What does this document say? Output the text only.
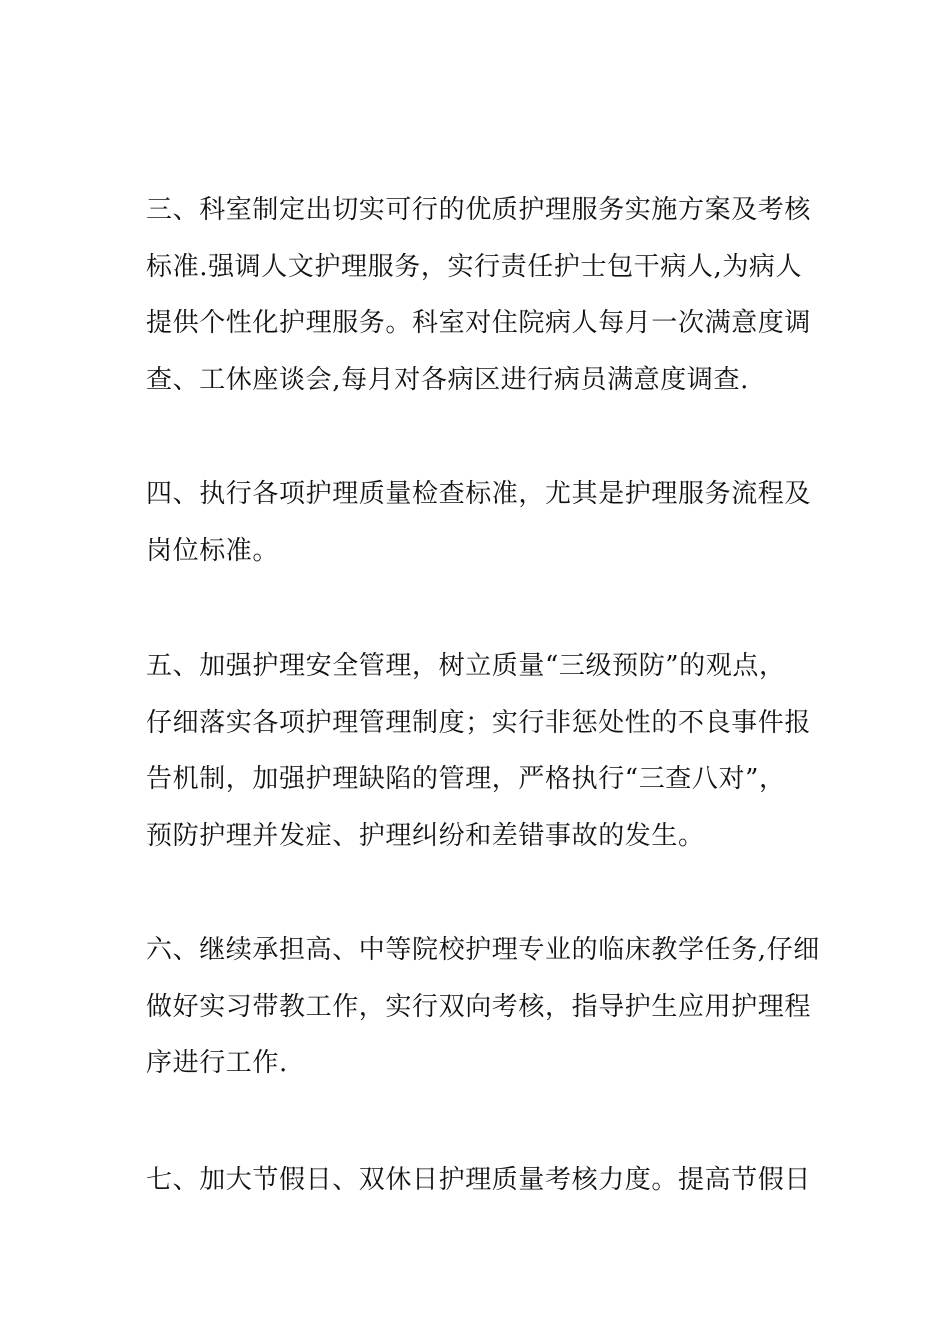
三、科室制定出切实可行的优质护理服务实施方案及考核
标准.强调人文护理服务，实行责任护士包干病人,为病人
提供个性化护理服务。科室对住院病人每月一次满意度调
查、工休座谈会,每月对各病区进行病员满意度调查.
四、执行各项护理质量检查标准，尤其是护理服务流程及
岗位标准。
五、加强护理安全管理，树立质量“三级预防”的观点，
仔细落实各项护理管理制度；实行非惩处性的不良事件报
告机制，加强护理缺陷的管理，严格执行“三查八对”，
预防护理并发症、护理纠纷和差错事故的发生。
六、继续承担高、中等院校护理专业的临床教学任务,仔细
做好实习带教工作，实行双向考核，指导护生应用护理程
序进行工作.
七、加大节假日、双休日护理质量考核力度。提高节假日
